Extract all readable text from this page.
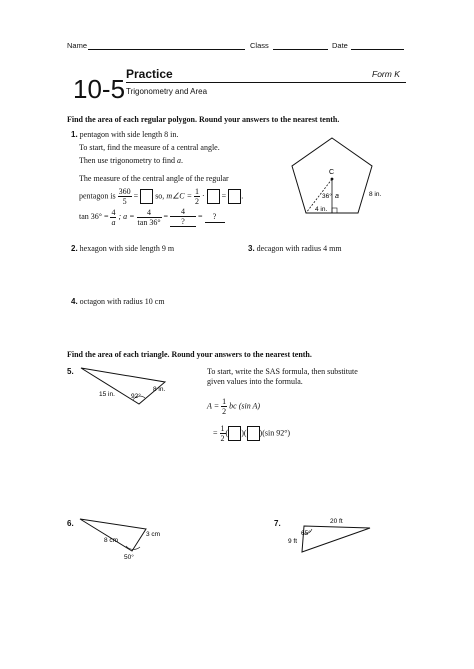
Name	Class	Date
10-5 Practice	Form K
Trigonometry and Area
Find the area of each regular polygon. Round your answers to the nearest tenth.
1. pentagon with side length 8 in.
To start, find the measure of a central angle.
Then use trigonometry to find a.
The measure of the central angle of the regular
pentagon is $\frac{360}{5}$ =  so, m∠C = $\frac{1}{2}$ ·  = .
$\tan 36^\circ = \frac{4}{a}$ ; $a = \frac{4}{\tan 36^\circ} = \frac{4}{?}$ = ?
C
36° a
4 in.
8 in.
2. hexagon with side length 9 m	3. decagon with radius 4 mm
4. octagon with radius 10 cm
Find the area of each triangle. Round your answers to the nearest tenth.
5.
15 in.
8 in.
92°
To start, write the SAS formula, then substitute
given values into the formula.
$A = \frac{1}{2}$ bc (sin A)
= $\frac{1}{2}$ ( )( )(sin 92°)
6.
3 cm
8 cm
50°
7.	20 ft
65°
9 ft
